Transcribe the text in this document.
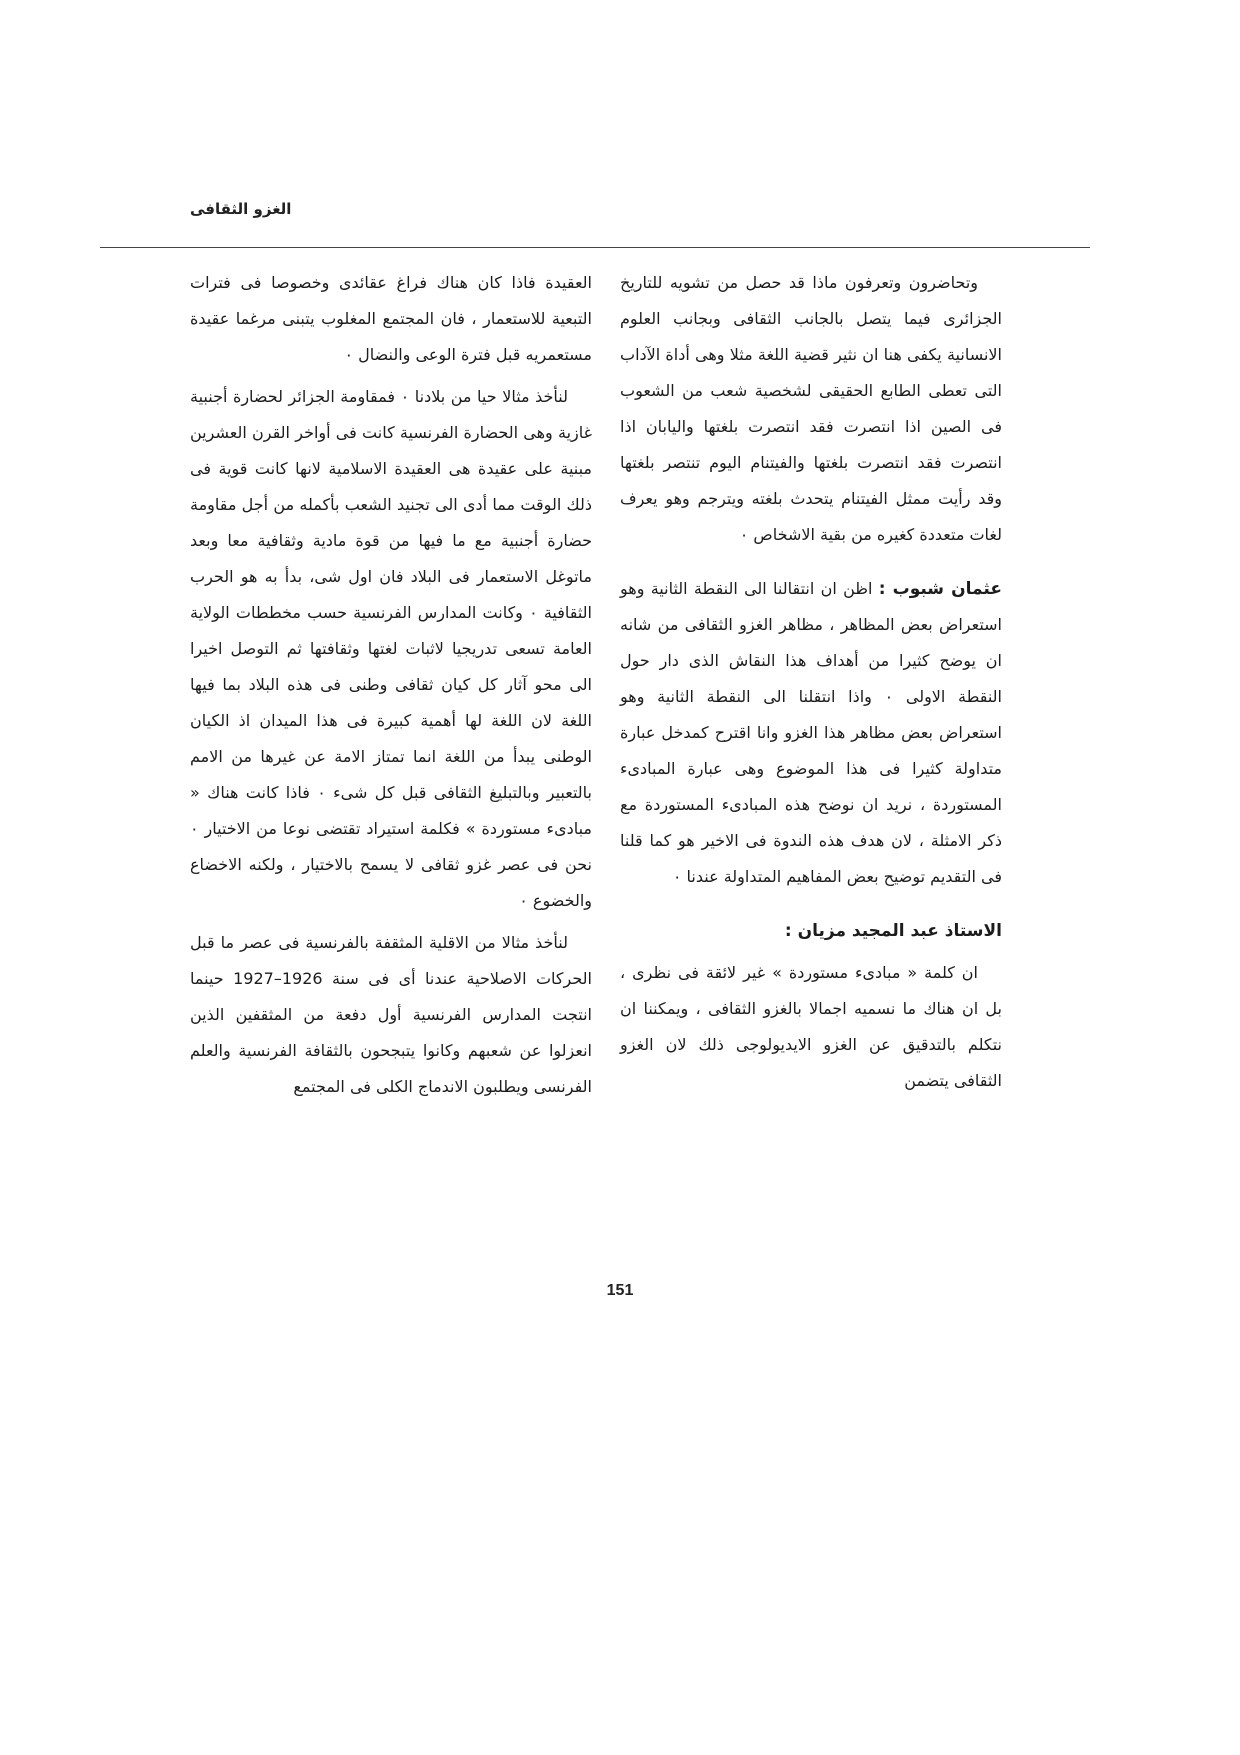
الغزو الثقافى

وتحاضرون وتعرفون ماذا قد حصل من تشويه للتاريخ الجزائرى فيما يتصل بالجانب الثقافى وبجانب العلوم الانسانية يكفى هنا ان نثير قضية اللغة مثلا وهى أداة الآداب التى تعطى الطابع الحقيقى لشخصية شعب من الشعوب فى الصين اذا انتصرت فقد انتصرت بلغتها واليابان اذا انتصرت فقد انتصرت بلغتها والفيتنام اليوم تنتصر بلغتها وقد رأيت ممثل الفيتنام يتحدث بلغته ويترجم وهو يعرف لغات متعددة كغيره من بقية الاشخاص ٠

عثمان شبوب : اظن ان انتقالنا الى النقطة الثانية وهو استعراض بعض المظاهر ، مظاهر الغزو الثقافى من شانه ان يوضح كثيرا من أهداف هذا النقاش الذى دار حول النقطة الاولى ٠ واذا انتقلنا الى النقطة الثانية وهو استعراض بعض مظاهر هذا الغزو وانا اقترح كمدخل عبارة متداولة كثيرا فى هذا الموضوع وهى عبارة المبادىء المستوردة ، نريد ان نوضح هذه المبادىء المستوردة مع ذكر الامثلة ، لان هدف هذه الندوة فى الاخير هو كما قلنا فى التقديم توضيح بعض المفاهيم المتداولة عندنا ٠

الاستاذ عبد المجيد مزيان :

ان كلمة « مبادىء مستوردة » غير لائقة فى نظرى ، بل ان هناك ما نسميه اجمالا بالغزو الثقافى ، ويمكننا ان نتكلم بالتدقيق عن الغزو الايديولوجى ذلك لان الغزو الثقافى يتضمن

العقيدة فاذا كان هناك فراغ عقائدى وخصوصا فى فترات التبعية للاستعمار ، فان المجتمع المغلوب يتبنى مرغما عقيدة مستعمريه قبل فترة الوعى والنضال ٠

لنأخذ مثالا حيا من بلادنا ٠ فمقاومة الجزائر لحضارة أجنبية غازية وهى الحضارة الفرنسية كانت فى أواخر القرن العشرين مبنية على عقيدة هى العقيدة الاسلامية لانها كانت قوية فى ذلك الوقت مما أدى الى تجنيد الشعب بأكمله من أجل مقاومة حضارة أجنبية مع ما فيها من قوة مادية وثقافية معا وبعد ماتوغل الاستعمار فى البلاد فان اول شى، بدأ به هو الحرب الثقافية ٠ وكانت المدارس الفرنسية حسب مخططات الولاية العامة تسعى تدريجيا لاثبات لغتها وثقافتها ثم التوصل اخيرا الى محو آثار كل كيان ثقافى وطنى فى هذه البلاد بما فيها اللغة لان اللغة لها أهمية كبيرة فى هذا الميدان اذ الكيان الوطنى يبدأ من اللغة انما تمتاز الامة عن غيرها من الامم بالتعبير وبالتبليغ الثقافى قبل كل شىء ٠ فاذا كانت هناك « مبادىء مستوردة » فكلمة استيراد تقتضى نوعا من الاختيار ٠ نحن فى عصر غزو ثقافى لا يسمح بالاختيار ، ولكنه الاخضاع والخضوع ٠

لنأخذ مثالا من الاقلية المثقفة بالفرنسية فى عصر ما قبل الحركات الاصلاحية عندنا أى فى سنة 1926–1927 حينما انتجت المدارس الفرنسية أول دفعة من المثقفين الذين انعزلوا عن شعبهم وكانوا يتبجحون بالثقافة الفرنسية والعلم الفرنسى ويطلبون الاندماج الكلى فى المجتمع

151
